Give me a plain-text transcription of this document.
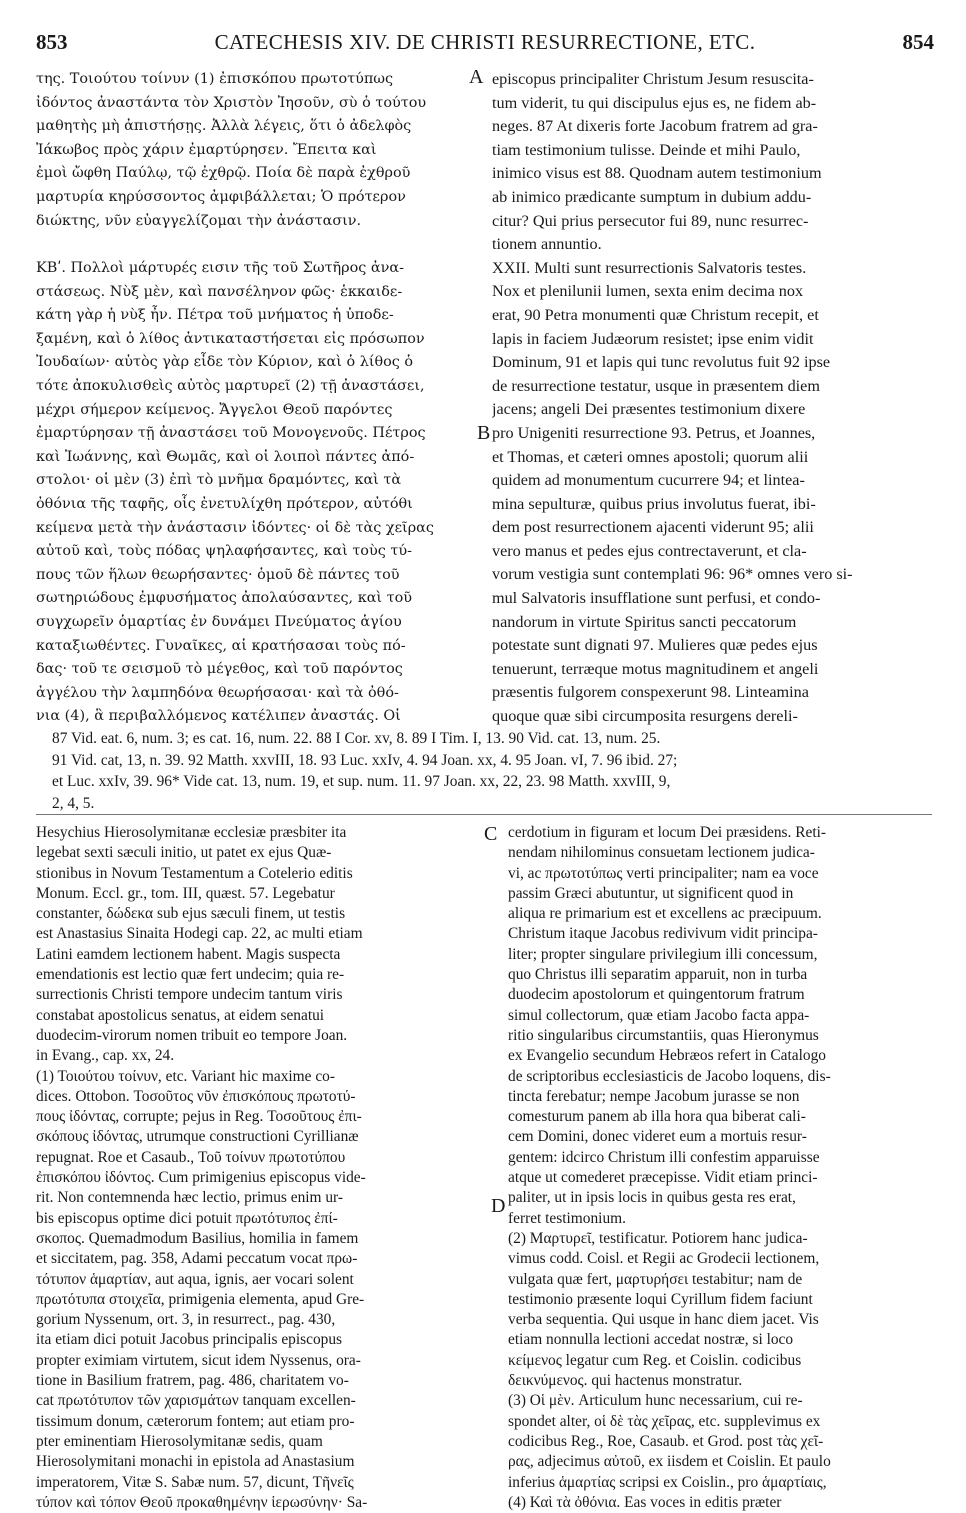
853	CATECHESIS XIV. DE CHRISTI RESURRECTIONE, ETC.	854
της. Τοιούτου τοίνυν (1) ἐπισκόπου πρωτοτύπως
ἰδόντος ἀναστάντα τὸν Χριστὸν Ἰησοῦν, σὺ ὁ τούτου
μαθητὴς μὴ ἀπιστήσῃς. Ἀλλὰ λέγεις, ὅτι ὁ ἀδελφὸς
Ἰάκωβος πρὸς χάριν ἐμαρτύρησεν. Ἔπειτα καὶ
ἐμοὶ ὤφθη Παύλῳ, τῷ ἐχθρῷ. Ποία δὲ παρὰ ἐχθροῦ
μαρτυρία κηρύσσοντος ἀμφιβάλλεται; Ὁ πρότερον
διώκτης, νῦν εὐαγγελίζομαι τὴν ἀνάστασιν.
ΚΒʹ. Πολλοὶ μάρτυρές εισιν τῆς τοῦ Σωτῆρος ἀνα-
στάσεως. Νὺξ μὲν, καὶ πανσέληνον φῶς· ἑκκαιδε-
κάτη γὰρ ἡ νὺξ ἦν. Πέτρα τοῦ μνήματος ἡ ὑποδε-
ξαμένη, καὶ ὁ λίθος ἀντικαταστήσεται εἰς πρόσωπον
Ἰουδαίων· αὐτὸς γὰρ εἶδε τὸν Κύριον, καὶ ὁ λίθος ὁ
τότε ἀποκυλισθεὶς αὐτὸς μαρτυρεῖ (2) τῇ ἀναστάσει,
μέχρι σήμερον κείμενος. Ἄγγελοι Θεοῦ παρόντες
ἐμαρτύρησαν τῇ ἀναστάσει τοῦ Μονογενοῦς. Πέτρος
καὶ Ἰωάννης, καὶ Θωμᾶς, καὶ οἱ λοιποὶ πάντες ἀπό-
στολοι· οἱ μὲν (3) ἐπὶ τὸ μνῆμα δραμόντες, καὶ τὰ
ὀθόνια τῆς ταφῆς, οἷς ἐνετυλίχθη πρότερον, αὐτόθι
κείμενα μετὰ τὴν ἀνάστασιν ἰδόντες· οἱ δὲ τὰς χεῖρας
αὐτοῦ καὶ, τοὺς πόδας ψηλαφήσαντες, καὶ τοὺς τύ-
πους τῶν ἥλων θεωρήσαντες· ὁμοῦ δὲ πάντες τοῦ
σωτηριώδους ἐμφυσήματος ἀπολαύσαντες, καὶ τοῦ
συγχωρεῖν ὁμαρτίας ἐν δυνάμει Πνεύματος ἁγίου
καταξιωθέντες. Γυναῖκες, αἱ κρατήσασαι τοὺς πό-
δας· τοῦ τε σεισμοῦ τὸ μέγεθος, καὶ τοῦ παρόντος
ἀγγέλου τὴν λαμπηδόνα θεωρήσασαι· καὶ τὰ ὀθό-
νια (4), ἃ περιβαλλόμενος κατέλιπεν ἀναστάς. Οἱ
A
B
episcopus principaliter Christum Jesum resuscita-
tum viderit, tu qui discipulus ejus es, ne fidem ab-
neges. 87 At dixeris forte Jacobum fratrem ad gra-
tiam testimonium tulisse. Deinde et mihi Paulo,
inimico visus est 88. Quodnam autem testimonium
ab inimico prædicante sumptum in dubium addu-
citur? Qui prius persecutor fui 89, nunc resurrec-
tionem annuntio.
XXII. Multi sunt resurrectionis Salvatoris testes.
Nox et plenilunii lumen, sexta enim decima nox
erat, 90 Petra monumenti quæ Christum recepit, et
lapis in faciem Judæorum resistet; ipse enim vidit
Dominum, 91 et lapis qui tunc revolutus fuit 92 ipse
de resurrectione testatur, usque in præsentem diem
jacens; angeli Dei præsentes testimonium dixere
pro Unigeniti resurrectione 93. Petrus, et Joannes,
et Thomas, et cæteri omnes apostoli; quorum alii
quidem ad monumentum cucurrere 94; et lintea-
mina sepulturæ, quibus prius involutus fuerat, ibi-
dem post resurrectionem ajacenti viderunt 95; alii
vero manus et pedes ejus contrectaverunt, et cla-
vorum vestigia sunt contemplati 96: 96* omnes vero si-
mul Salvatoris insufflatione sunt perfusi, et condo-
nandorum in virtute Spiritus sancti peccatorum
potestate sunt dignati 97. Mulieres quæ pedes ejus
tenuerunt, terræque motus magnitudinem et angeli
præsentis fulgorem conspexerunt 98. Linteamina
quoque quæ sibi circumposita resurgens dereli-
87 Vid. eat. 6, num. 3; es cat. 16, num. 22. 88 I Cor. xv, 8. 89 I Tim. I, 13. 90 Vid. cat. 13, num. 25.
91 Vid. cat, 13, n. 39. 92 Matth. xxvIII, 18. 93 Luc. xxIv, 4. 94 Joan. xx, 4. 95 Joan. vI, 7. 96 ibid. 27;
et Luc. xxIv, 39. 96* Vide cat. 13, num. 19, et sup. num. 11. 97 Joan. xx, 22, 23. 98 Matth. xxvIII, 9,
2, 4, 5.
Hesychius Hierosolymitanæ ecclesiæ præsbiter ita
legebat sexti sæculi initio, ut patet ex ejus Quæ-
stionibus in Novum Testamentum a Cotelerio editis
Monum. Eccl. gr., tom. III, quæst. 57. Legebatur
constanter, δώδεκα sub ejus sæculi finem, ut testis
est Anastasius Sinaita Hodegi cap. 22, ac multi etiam
Latini eamdem lectionem habent. Magis suspecta
emendationis est lectio quæ fert undecim; quia re-
surrectionis Christi tempore undecim tantum viris
constabat apostolicus senatus, at eidem senatui
duodecim-virorum nomen tribuit eo tempore Joan.
in Evang., cap. xx, 24.
(1) Τοιούτου τοίνυν, etc. Variant hic maxime co-
dices. Ottobon. Τοσοῦτος νῦν ἐπισκόπους πρωτοτύ-
πους ἰδόντας, corrupte; pejus in Reg. Τοσοῦτους ἐπι-
σκόπους ἰδόντας, utrumque constructioni Cyrillianæ
repugnat. Roe et Casaub., Τοῦ τοίνυν πρωτοτύπου
ἐπισκόπου ἰδόντος. Cum primigenius episcopus vide-
rit. Non contemnenda hæc lectio, primus enim ur-
bis episcopus optime dici potuit πρωτότυπος ἐπί-
σκοπος. Quemadmodum Basilius, homilia in famem
et siccitatem, pag. 358, Adami peccatum vocat πρω-
τότυπον ἁμαρτίαν, aut aqua, ignis, aer vocari solent
πρωτότυπα στοιχεῖα, primigenia elementa, apud Gre-
gorium Nyssenum, ort. 3, in resurrect., pag. 430,
ita etiam dici potuit Jacobus principalis episcopus
propter eximiam virtutem, sicut idem Nyssenus, ora-
tione in Basilium fratrem, pag. 486, charitatem vo-
cat πρωτότυπον τῶν χαρισμάτων tanquam excellen-
tissimum donum, cæterorum fontem; aut etiam pro-
pter eminentiam Hierosolymitanæ sedis, quam
Hierosolymitani monachi in epistola ad Anastasium
imperatorem, Vitæ S. Sabæ num. 57, dicunt, Τῆνεῖς
τύπον καὶ τόπον Θεοῦ προκαθημένην ἱερωσύνην· Sa-
C
D
cerdotium in figuram et locum Dei præsidens. Reti-
nendam nihilominus consuetam lectionem judica-
vi, ac πρωτοτύπως verti principaliter; nam ea voce
passim Græci abutuntur, ut significent quod in
aliqua re primarium est et excellens ac præcipuum.
Christum itaque Jacobus redivivum vidit principa-
liter; propter singulare privilegium illi concessum,
quo Christus illi separatim apparuit, non in turba
duodecim apostolorum et quingentorum fratrum
simul collectorum, quæ etiam Jacobo facta appa-
ritio singularibus circumstantiis, quas Hieronymus
ex Evangelio secundum Hebræos refert in Catalogo
de scriptoribus ecclesiasticis de Jacobo loquens, dis-
tincta ferebatur; nempe Jacobum jurasse se non
comesturum panem ab illa hora qua biberat cali-
cem Domini, donec videret eum a mortuis resur-
gentem: idcirco Christum illi confestim apparuisse
atque ut comederet præcepisse. Vidit etiam princi-
paliter, ut in ipsis locis in quibus gesta res erat,
ferret testimonium.
(2) Μαρτυρεῖ, testificatur. Potiorem hanc judica-
vimus codd. Coisl. et Regii ac Grodecii lectionem,
vulgata quæ fert, μαρτυρήσει testabitur; nam de
testimonio præsente loqui Cyrillum fidem faciunt
verba sequentia. Qui usque in hanc diem jacet. Vis
etiam nonnulla lectioni accedat nostræ, si loco
κείμενος legatur cum Reg. et Coislin. codicibus
δεικνύμενος. qui hactenus monstratur.
(3) Οἱ μὲν. Articulum hunc necessarium, cui re-
spondet alter, οἱ δὲ τὰς χεῖρας, etc. supplevimus ex
codicibus Reg., Roe, Casaub. et Grod. post τὰς χεῖ-
ρας, adjecimus αὐτοῦ, ex iisdem et Coislin. Et paulo
inferius ἁμαρτίας scripsi ex Coislin., pro ἁμαρτίαις,
(4) Καὶ τὰ ὀθόνια. Eas voces in editis præter
